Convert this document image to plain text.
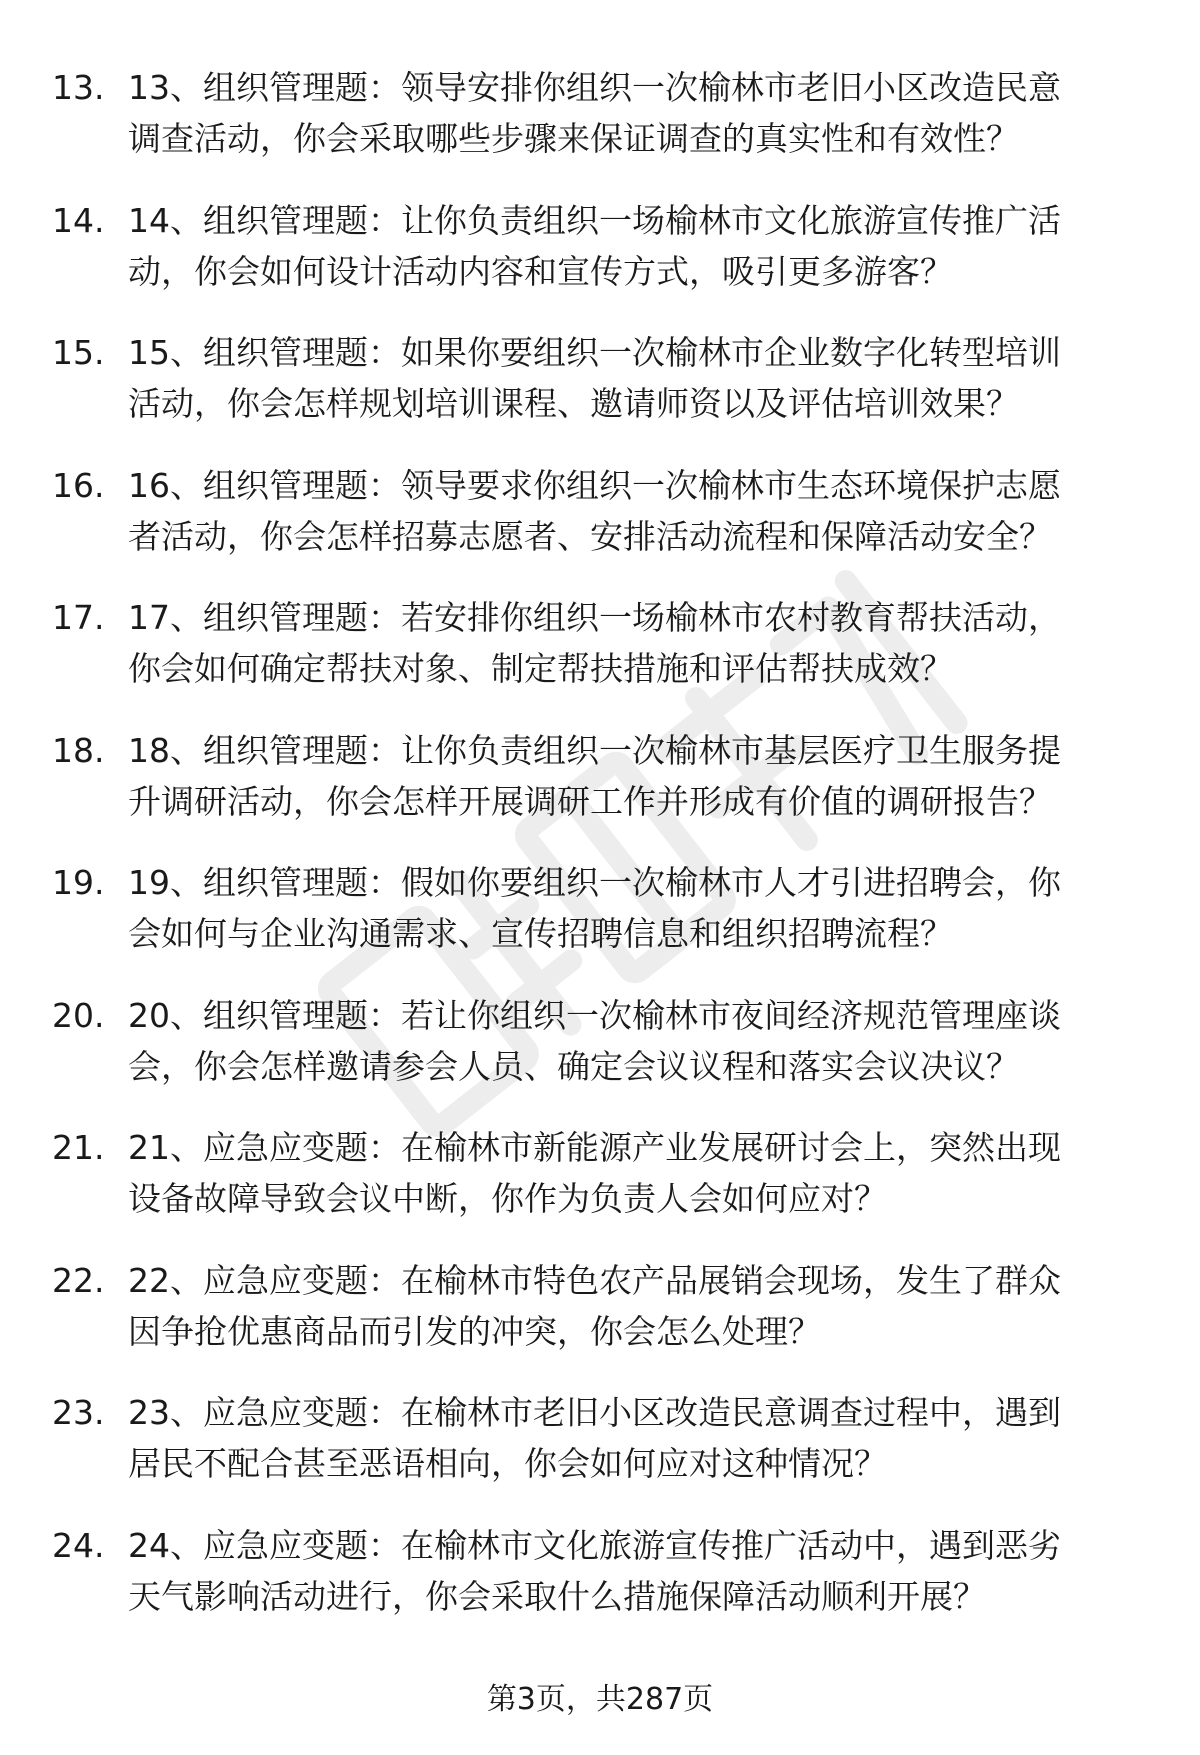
13. 13、组织管理题：领导安排你组织一次榆林市老旧小区改造民意
调查活动，你会采取哪些步骤来保证调查的真实性和有效性？
14. 14、组织管理题：让你负责组织一场榆林市文化旅游宣传推广活
动，你会如何设计活动内容和宣传方式，吸引更多游客？
15. 15、组织管理题：如果你要组织一次榆林市企业数字化转型培训
活动，你会怎样规划培训课程、邀请师资以及评估培训效果？
16. 16、组织管理题：领导要求你组织一次榆林市生态环境保护志愿
者活动，你会怎样招募志愿者、安排活动流程和保障活动安全？
17. 17、组织管理题：若安排你组织一场榆林市农村教育帮扶活动，
你会如何确定帮扶对象、制定帮扶措施和评估帮扶成效？
18. 18、组织管理题：让你负责组织一次榆林市基层医疗卫生服务提
升调研活动，你会怎样开展调研工作并形成有价值的调研报告？
19. 19、组织管理题：假如你要组织一次榆林市人才引进招聘会，你
会如何与企业沟通需求、宣传招聘信息和组织招聘流程？
20. 20、组织管理题：若让你组织一次榆林市夜间经济规范管理座谈
会，你会怎样邀请参会人员、确定会议议程和落实会议决议？
21. 21、应急应变题：在榆林市新能源产业发展研讨会上，突然出现
设备故障导致会议中断，你作为负责人会如何应对？
22. 22、应急应变题：在榆林市特色农产品展销会现场，发生了群众
因争抢优惠商品而引发的冲突，你会怎么处理？
23. 23、应急应变题：在榆林市老旧小区改造民意调查过程中，遇到
居民不配合甚至恶语相向，你会如何应对这种情况？
24. 24、应急应变题：在榆林市文化旅游宣传推广活动中，遇到恶劣
天气影响活动进行，你会采取什么措施保障活动顺利开展？
第3页，共287页
